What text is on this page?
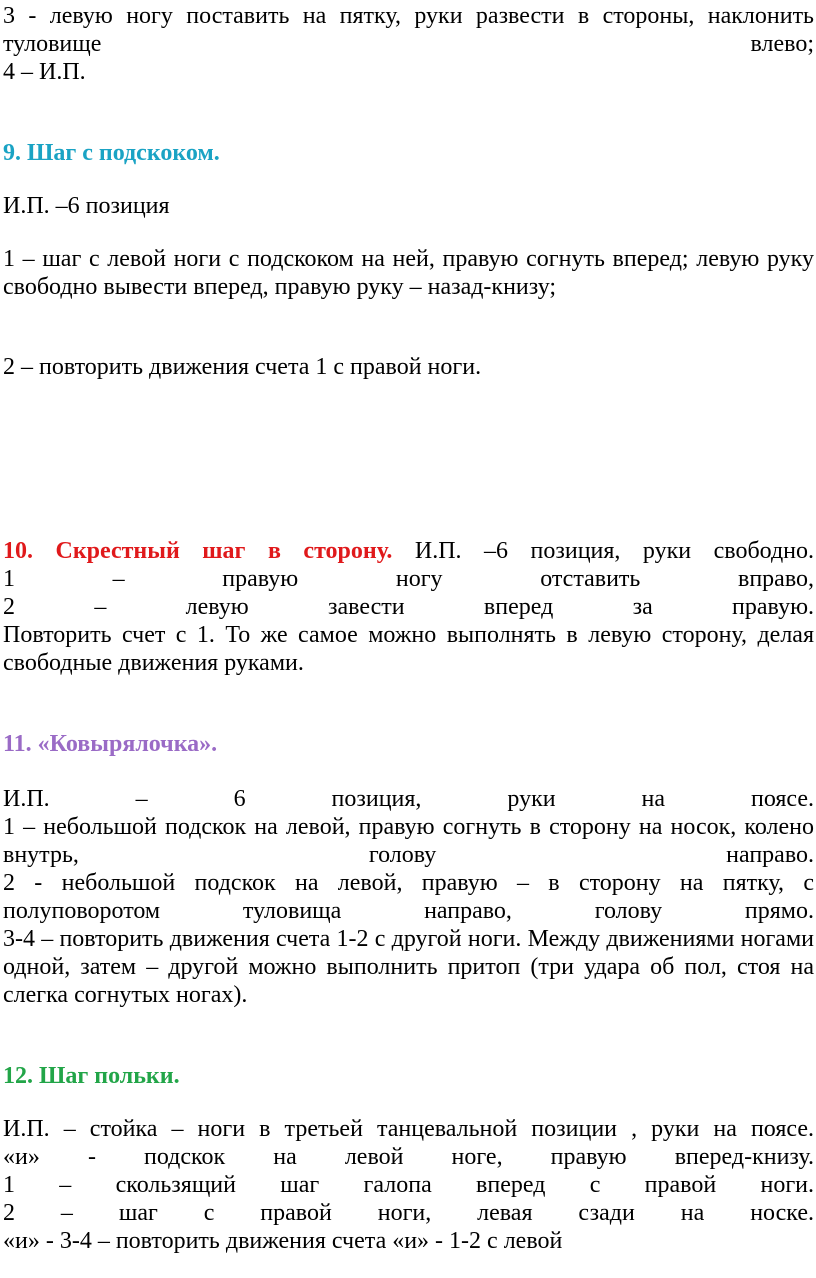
3 - левую ногу поставить на пятку, руки развести в стороны, наклонить
туловище	влево;
4 – И.П.
9. Шаг с подскоком.
И.П. –6 позиция
1 – шаг с левой ноги с подскоком на ней, правую согнуть вперед; левую руку
свободно вывести вперед, правую руку – назад-книзу;
2 – повторить движения счета 1 с правой ноги.
10. Скрестный шаг в сторону. И.П. –6 позиция, руки свободно.
1 – правую ногу отставить вправо,
2 – левую завести вперед за правую.
Повторить счет с 1. То же самое можно выполнять в левую сторону, делая
свободные движения руками.
11. «Ковырялочка».
И.П. – 6 позиция, руки на поясе.
1 – небольшой подскок на левой, правую согнуть в сторону на носок, колено
внутрь, голову направо.
2 - небольшой подскок на левой, правую – в сторону на пятку, с
полуповоротом туловища направо, голову прямо.
3-4 – повторить движения счета 1-2 с другой ноги. Между движениями ногами
одной, затем – другой можно выполнить притоп (три удара об пол, стоя на
слегка согнутых ногах).
12. Шаг польки.
И.П. – стойка – ноги в третьей танцевальной позиции , руки на поясе.
«и» - подскок на левой ноге, правую вперед-книзу.
1 – скользящий шаг галопа вперед с правой ноги.
2 – шаг с правой ноги, левая сзади на носке.
«и» - 3-4 – повторить движения счета «и» - 1-2 с левой
